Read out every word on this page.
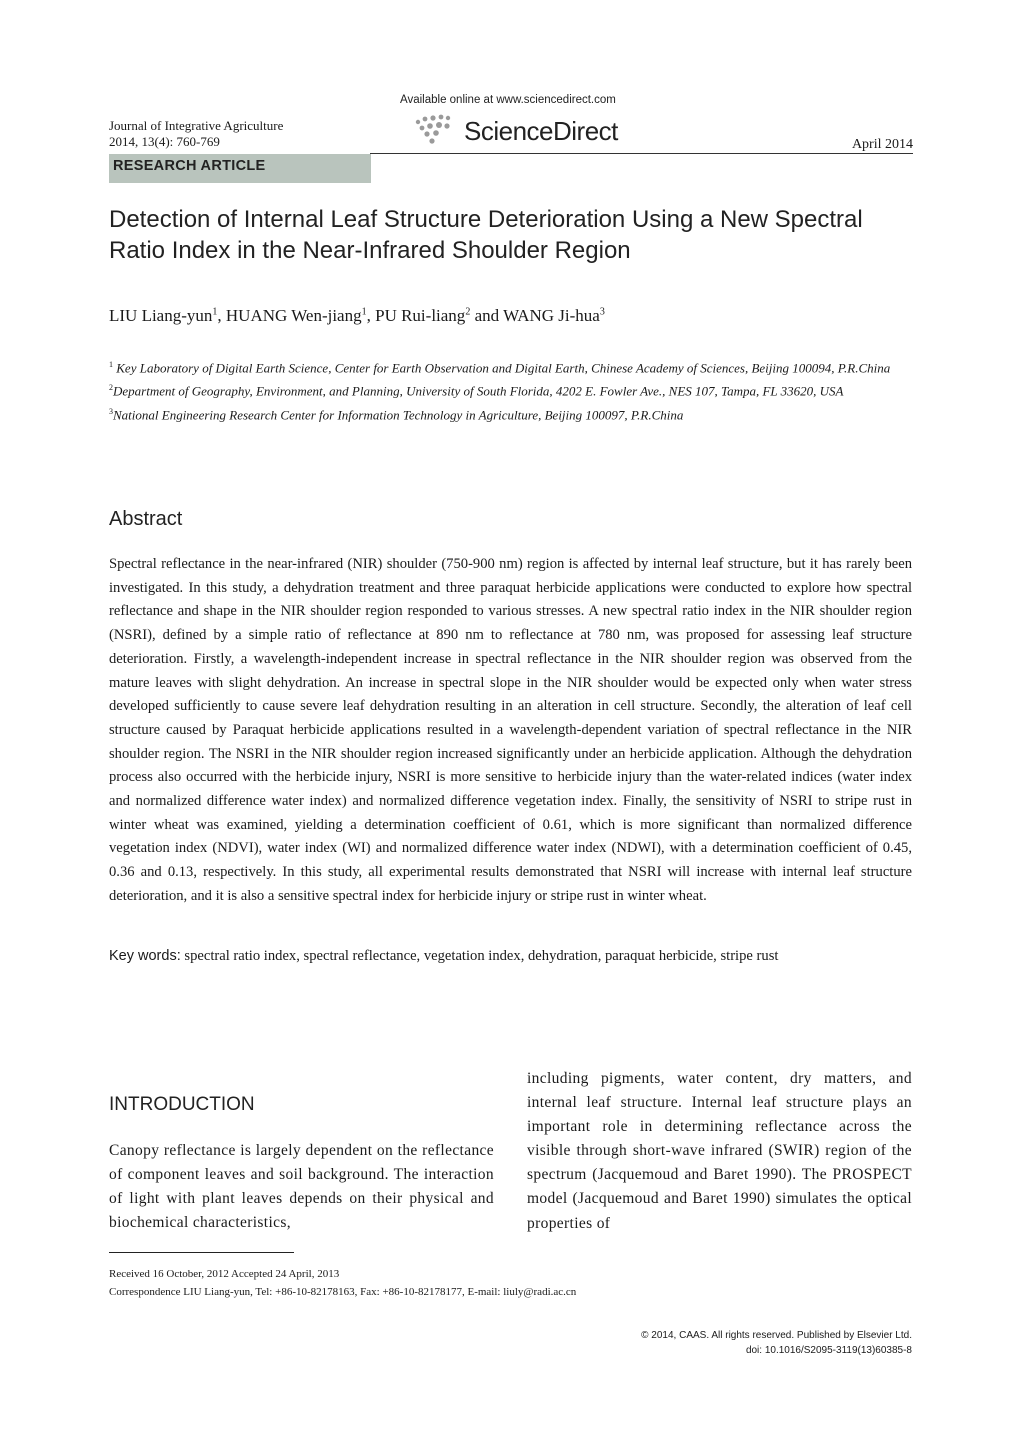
Journal of Integrative Agriculture
2014, 13(4): 760-769
Available online at www.sciencedirect.com
ScienceDirect	April 2014
RESEARCH ARTICLE
Detection of Internal Leaf Structure Deterioration Using a New Spectral Ratio Index in the Near-Infrared Shoulder Region
LIU Liang-yun$^1$, HUANG Wen-jiang$^1$, PU Rui-liang$^2$ and WANG Ji-hua$^3$

$^1$ Key Laboratory of Digital Earth Science, Center for Earth Observation and Digital Earth, Chinese Academy of Sciences, Beijing 100094, P.R.China

$^2$Department of Geography, Environment, and Planning, University of South Florida, 4202 E. Fowler Ave., NES 107, Tampa, FL 33620, USA

$^3$National Engineering Research Center for Information Technology in Agriculture, Beijing 100097, P.R.China

Abstract

Spectral reflectance in the near-infrared (NIR) shoulder (750-900 nm) region is affected by internal leaf structure, but it has rarely been investigated. In this study, a dehydration treatment and three paraquat herbicide applications were conducted to explore how spectral reflectance and shape in the NIR shoulder region responded to various stresses. A new spectral ratio index in the NIR shoulder region (NSRI), defined by a simple ratio of reflectance at 890 nm to reflectance at 780 nm, was proposed for assessing leaf structure deterioration. Firstly, a wavelength-independent increase in spectral reflectance in the NIR shoulder region was observed from the mature leaves with slight dehydration. An increase in spectral slope in the NIR shoulder would be expected only when water stress developed sufficiently to cause severe leaf dehydration resulting in an alteration in cell structure. Secondly, the alteration of leaf cell structure caused by Paraquat herbicide applications resulted in a wavelength-dependent variation of spectral reflectance in the NIR shoulder region. The NSRI in the NIR shoulder region increased significantly under an herbicide application. Although the dehydration process also occurred with the herbicide injury, NSRI is more sensitive to herbicide injury than the water-related indices (water index and normalized difference water index) and normalized difference vegetation index. Finally, the sensitivity of NSRI to stripe rust in winter wheat was examined, yielding a determination coefficient of 0.61, which is more significant than normalized difference vegetation index (NDVI), water index (WI) and normalized difference water index (NDWI), with a determination coefficient of 0.45, 0.36 and 0.13, respectively. In this study, all experimental results demonstrated that NSRI will increase with internal leaf structure deterioration, and it is also a sensitive spectral index for herbicide injury or stripe rust in winter wheat.

Key words: spectral ratio index, spectral reflectance, vegetation index, dehydration, paraquat herbicide, stripe rust
INTRODUCTION

Canopy reflectance is largely dependent on the reflectance of component leaves and soil background. The interaction of light with plant leaves depends on their physical and biochemical characteristics,

including pigments, water content, dry matters, and internal leaf structure. Internal leaf structure plays an important role in determining reflectance across the visible through short-wave infrared (SWIR) region of the spectrum (Jacquemoud and Baret 1990). The PROSPECT model (Jacquemoud and Baret 1990) simulates the optical properties of

Received 16 October, 2012 Accepted 24 April, 2013
Correspondence LIU Liang-yun, Tel: +86-10-82178163, Fax: +86-10-82178177, E-mail: liuly@radi.ac.cn
© 2014, CAAS. All rights reserved. Published by Elsevier Ltd.
doi: 10.1016/S2095-3119(13)60385-8
